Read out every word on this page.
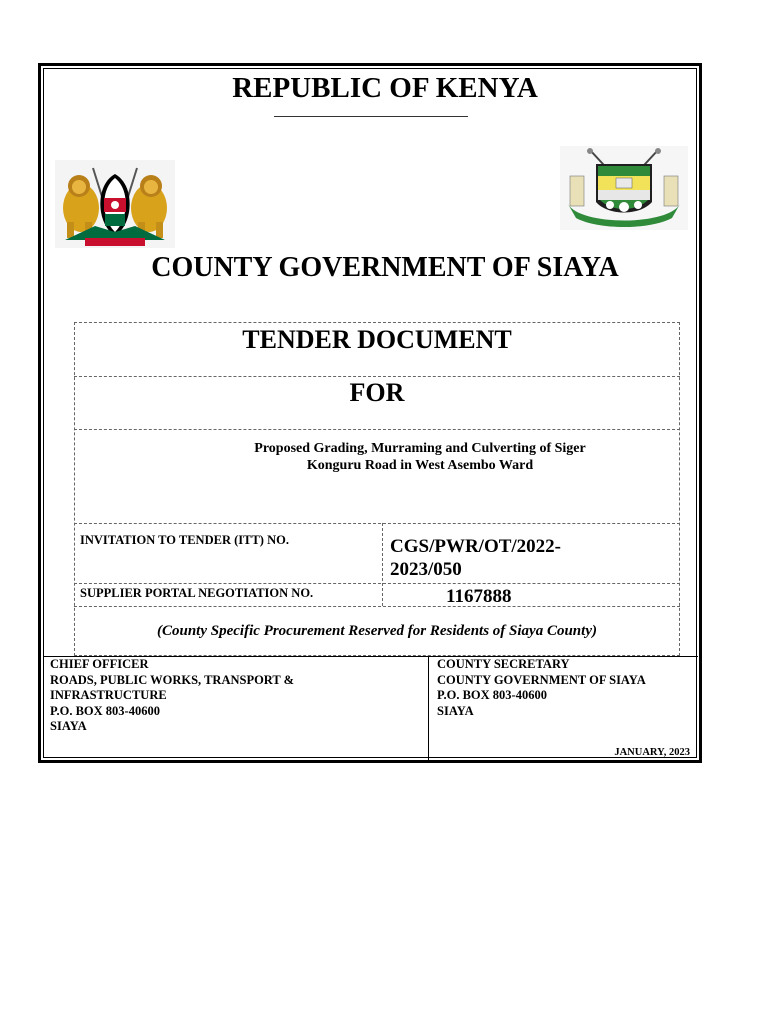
REPUBLIC OF KENYA
COUNTY GOVERNMENT OF SIAYA
TENDER DOCUMENT
FOR
Proposed Grading, Murraming and Culverting of Siger
Konguru Road in West Asembo Ward
INVITATION TO TENDER (ITT) NO.	CGS/PWR/OT/2022-
2023/050
SUPPLIER PORTAL NEGOTIATION NO.	1167888
(County Specific Procurement Reserved for Residents of Siaya County)
CHIEF OFFICER
ROADS, PUBLIC WORKS, TRANSPORT &
INFRASTRUCTURE
P.O. BOX 803-40600
SIAYA
COUNTY SECRETARY
COUNTY GOVERNMENT OF SIAYA
P.O. BOX 803-40600
SIAYA
JANUARY, 2023
